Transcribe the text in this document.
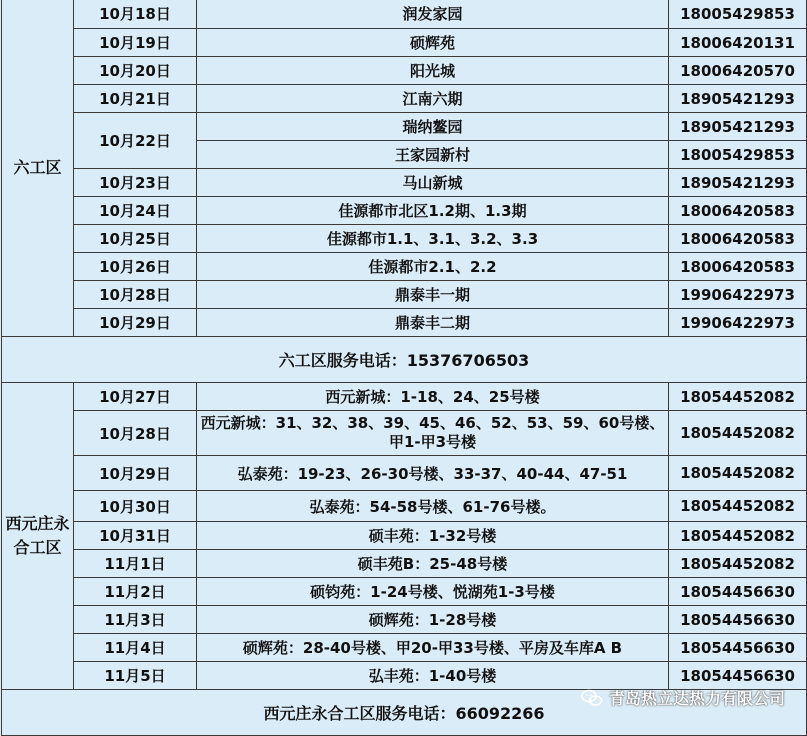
六工区	10月18日	润发家园	18005429853
	10月19日	硕辉苑	18006420131
	10月20日	阳光城	18006420570
	10月21日	江南六期	18905421293
	10月22日	瑞纳鳌园	18905421293
		王家园新村	18005429853
	10月23日	马山新城	18905421293
	10月24日	佳源都市北区1.2期、1.3期	18006420583
	10月25日	佳源都市1.1、3.1、3.2、3.3	18006420583
	10月26日	佳源都市2.1、2.2	18006420583
	10月28日	鼎泰丰一期	19906422973
	10月29日	鼎泰丰二期	19906422973
六工区服务电话：15376706503			
西元庄永合工区	10月27日	西元新城：1-18、24、25号楼	18054452082
	10月28日	西元新城：31、32、38、39、45、46、52、53、59、60号楼、甲1-甲3号楼	18054452082
	10月29日	弘泰苑：19-23、26-30号楼、33-37、40-44、47-51	18054452082
	10月30日	弘泰苑：54-58号楼、61-76号楼。	18054452082
	10月31日	硕丰苑：1-32号楼	18054452082
	11月1日	硕丰苑B：25-48号楼	18054452082
	11月2日	硕钧苑：1-24号楼、悦湖苑1-3号楼	18054456630
	11月3日	硕辉苑：1-28号楼	18054456630
	11月4日	硕辉苑：28-40号楼、甲20-甲33号楼、平房及车库A B	18054456630
	11月5日	弘丰苑：1-40号楼	18054456630
西元庄永合工区服务电话：66092266			
青岛热立达热力有限公司
